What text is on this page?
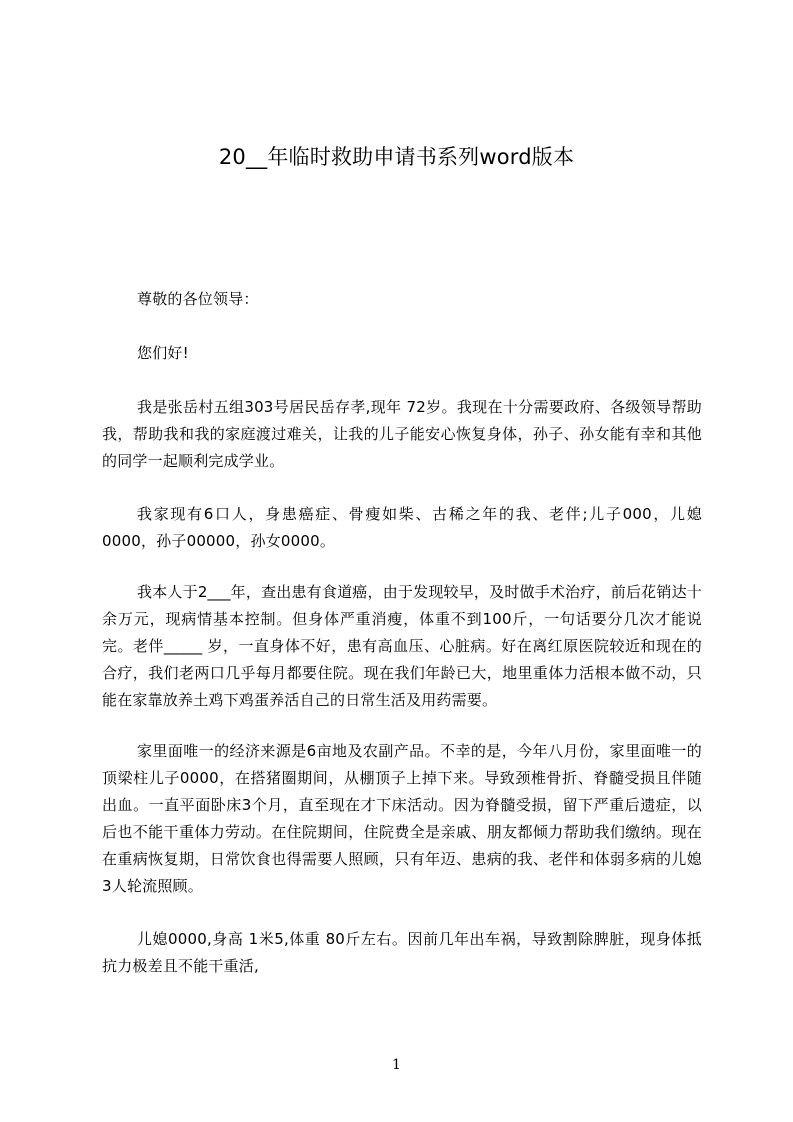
20__年临时救助申请书系列word版本

尊敬的各位领导：

您们好!

我是张岳村五组303号居民岳存孝,现年 72岁。我现在十分需要政府、各级领导帮助我，帮助我和我的家庭渡过难关，让我的儿子能安心恢复身体，孙子、孙女能有幸和其他的同学一起顺利完成学业。

我家现有6口人，身患癌症、骨瘦如柴、古稀之年的我、老伴;儿子000，儿媳0000，孙子00000，孙女0000。

我本人于2___年，查出患有食道癌，由于发现较早，及时做手术治疗，前后花销达十余万元，现病情基本控制。但身体严重消瘦，体重不到100斤，一句话要分几次才能说完。老伴_____ 岁，一直身体不好，患有高血压、心脏病。好在离红原医院较近和现在的合疗，我们老两口几乎每月都要住院。现在我们年龄已大，地里重体力活根本做不动，只能在家靠放养土鸡下鸡蛋养活自己的日常生活及用药需要。

家里面唯一的经济来源是6亩地及农副产品。不幸的是，今年八月份，家里面唯一的顶梁柱儿子0000，在搭猪圈期间，从棚顶子上掉下来。导致颈椎骨折、脊髓受损且伴随出血。一直平面卧床3个月，直至现在才下床活动。因为脊髓受损，留下严重后遗症，以后也不能干重体力劳动。在住院期间，住院费全是亲戚、朋友都倾力帮助我们缴纳。现在在重病恢复期，日常饮食也得需要人照顾，只有年迈、患病的我、老伴和体弱多病的儿媳3人轮流照顾。

儿媳0000,身高 1米5,体重 80斤左右。因前几年出车祸，导致割除脾脏，现身体抵抗力极差且不能干重活,

1
